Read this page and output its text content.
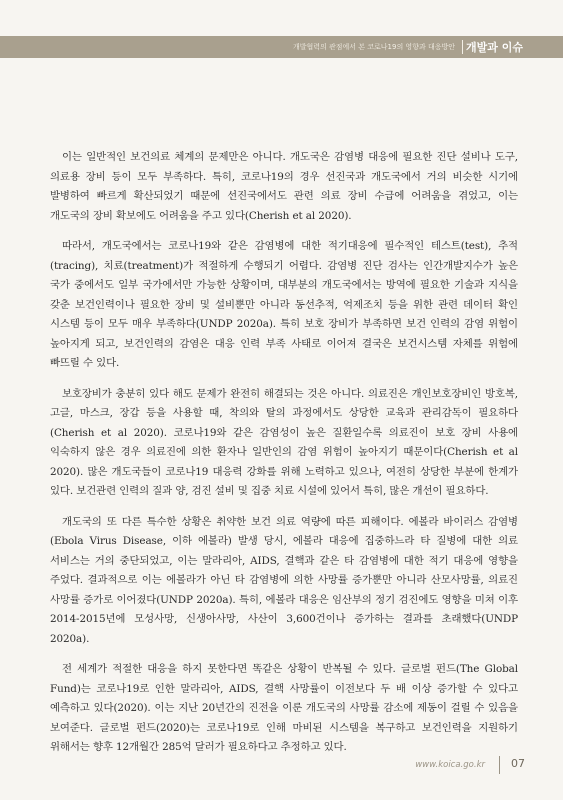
개발협력의 관점에서 본 코로나19의 영향과 대응방안 개발과 이슈

이는 일반적인 보건의료 체계의 문제만은 아니다. 개도국은 감염병 대응에 필요한 진단 설비나 도구, 의료용 장비 등이 모두 부족하다. 특히, 코로나19의 경우 선진국과 개도국에서 거의 비슷한 시기에 발병하여 빠르게 확산되었기 때문에 선진국에서도 관련 의료 장비 수급에 어려움을 겪었고, 이는 개도국의 장비 확보에도 어려움을 주고 있다(Cherish et al 2020).

따라서, 개도국에서는 코로나19와 같은 감염병에 대한 적기대응에 필수적인 테스트(test), 추적(tracing), 치료(treatment)가 적절하게 수행되기 어렵다. 감염병 진단 검사는 인간개발지수가 높은 국가 중에서도 일부 국가에서만 가능한 상황이며, 대부분의 개도국에서는 방역에 필요한 기술과 지식을 갖춘 보건인력이나 필요한 장비 및 설비뿐만 아니라 동선추적, 억제조치 등을 위한 관련 데이터 확인 시스템 등이 모두 매우 부족하다(UNDP 2020a). 특히 보호 장비가 부족하면 보건 인력의 감염 위험이 높아지게 되고, 보건인력의 감염은 대응 인력 부족 사태로 이어져 결국은 보건시스템 자체를 위험에 빠뜨릴 수 있다.

보호장비가 충분히 있다 해도 문제가 완전히 해결되는 것은 아니다. 의료진은 개인보호장비인 방호복, 고글, 마스크, 장갑 등을 사용할 때, 착의와 탈의 과정에서도 상당한 교육과 관리감독이 필요하다(Cherish et al 2020). 코로나19와 같은 감염성이 높은 질환일수록 의료진이 보호 장비 사용에 익숙하지 않은 경우 의료진에 의한 환자나 일반인의 감염 위험이 높아지기 때문이다(Cherish et al 2020). 많은 개도국들이 코로나19 대응력 강화를 위해 노력하고 있으나, 여전히 상당한 부분에 한계가 있다. 보건관련 인력의 질과 양, 검진 설비 및 집중 치료 시설에 있어서 특히, 많은 개선이 필요하다.

개도국의 또 다른 특수한 상황은 취약한 보건 의료 역량에 따른 피해이다. 에볼라 바이러스 감염병(Ebola Virus Disease, 이하 에볼라) 발생 당시, 에볼라 대응에 집중하느라 타 질병에 대한 의료 서비스는 거의 중단되었고, 이는 말라리아, AIDS, 결핵과 같은 타 감염병에 대한 적기 대응에 영향을 주었다. 결과적으로 이는 에볼라가 아닌 타 감염병에 의한 사망률 증가뿐만 아니라 산모사망률, 의료진 사망률 증가로 이어졌다(UNDP 2020a). 특히, 에볼라 대응은 임산부의 정기 검진에도 영향을 미쳐 이후 2014-2015년에 모성사망, 신생아사망, 사산이 3,600건이나 증가하는 결과를 초래했다(UNDP 2020a).

전 세계가 적절한 대응을 하지 못한다면 똑같은 상황이 반복될 수 있다. 글로벌 펀드(The Global Fund)는 코로나19로 인한 말라리아, AIDS, 결핵 사망률이 이전보다 두 배 이상 증가할 수 있다고 예측하고 있다(2020). 이는 지난 20년간의 진전을 이룬 개도국의 사망률 감소에 제동이 걸릴 수 있음을 보여준다. 글로벌 펀드(2020)는 코로나19로 인해 마비된 시스템을 복구하고 보건인력을 지원하기 위해서는 향후 12개월간 285억 달러가 필요하다고 추정하고 있다.

www.koica.go.kr 07
